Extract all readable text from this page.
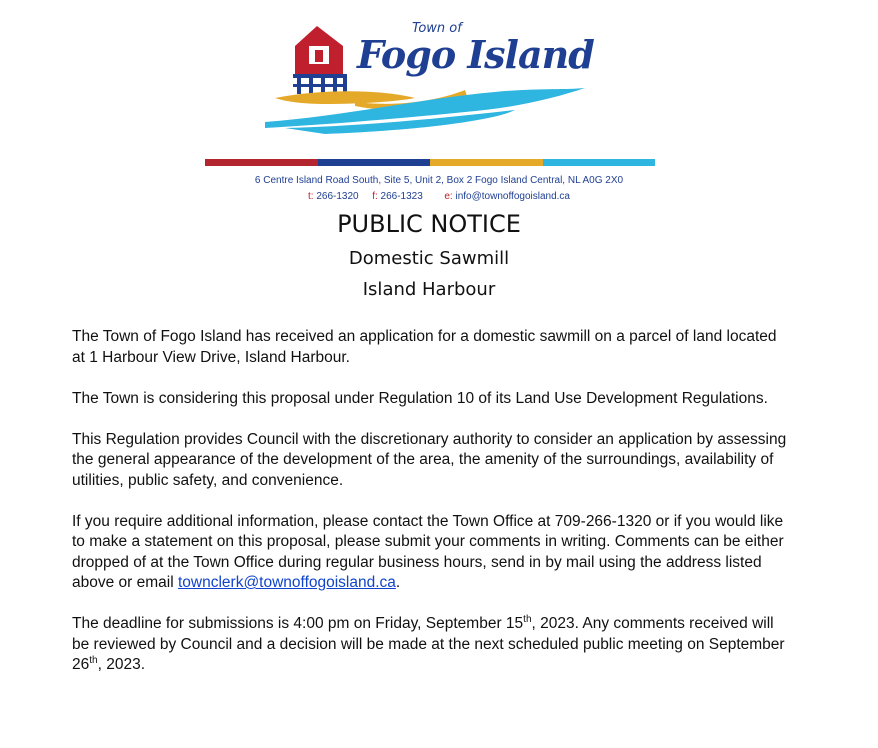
Town of
Fogo Island
6 Centre Island Road South, Site 5, Unit 2, Box 2 Fogo Island Central, NL A0G 2X0
t: 266-1320 f: 266-1323 e: info@townoffogoisland.ca
PUBLIC NOTICE
Domestic Sawmill
Island Harbour

The Town of Fogo Island has received an application for a domestic sawmill on a parcel of land located at 1 Harbour View Drive, Island Harbour.

The Town is considering this proposal under Regulation 10 of its Land Use Development Regulations.

This Regulation provides Council with the discretionary authority to consider an application by assessing the general appearance of the development of the area, the amenity of the surroundings, availability of utilities, public safety, and convenience.

If you require additional information, please contact the Town Office at 709-266-1320 or if you would like to make a statement on this proposal, please submit your comments in writing. Comments can be either dropped of at the Town Office during regular business hours, send in by mail using the address listed above or email townclerk@townoffogoisland.ca.

The deadline for submissions is 4:00 pm on Friday, September 15th, 2023. Any comments received will be reviewed by Council and a decision will be made at the next scheduled public meeting on September 26th, 2023.
